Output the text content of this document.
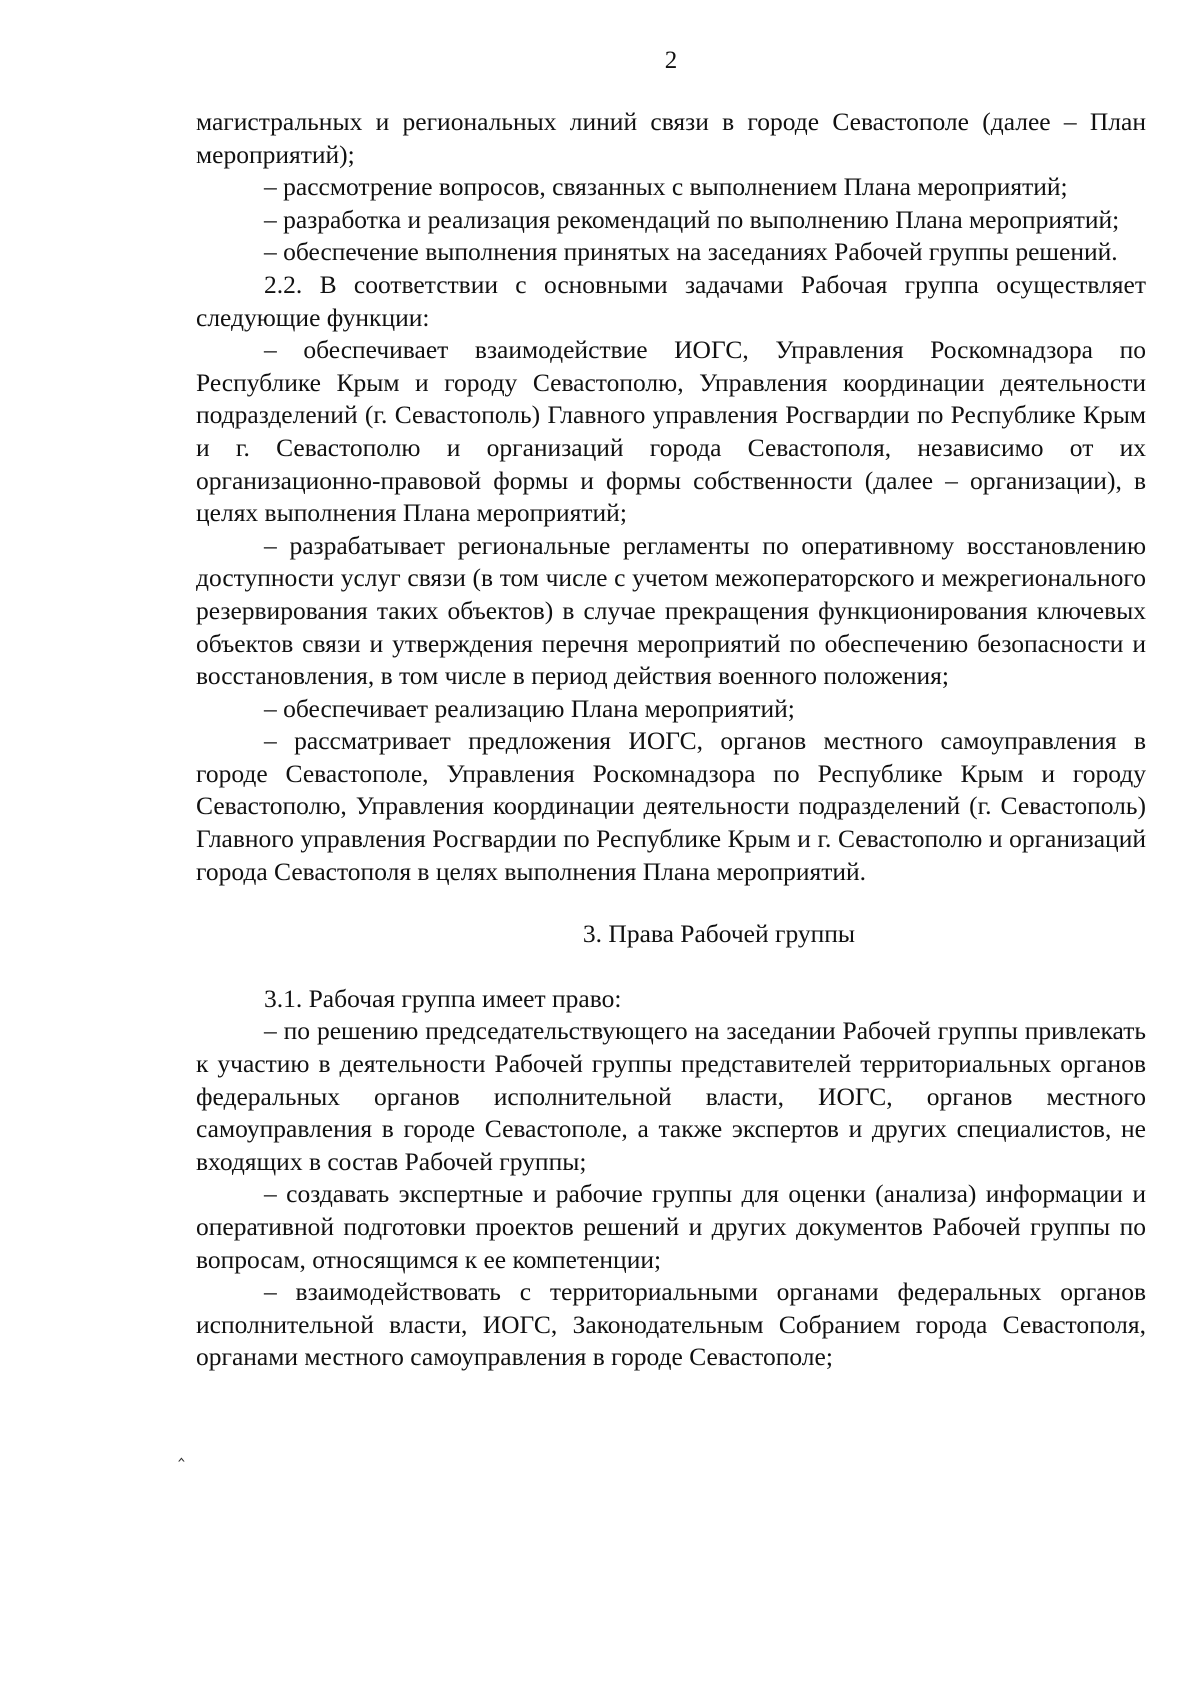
2

магистральных и региональных линий связи в городе Севастополе (далее – План мероприятий);

– рассмотрение вопросов, связанных с выполнением Плана мероприятий;

– разработка и реализация рекомендаций по выполнению Плана мероприятий;

– обеспечение выполнения принятых на заседаниях Рабочей группы решений.

2.2. В соответствии с основными задачами Рабочая группа осуществляет следующие функции:

– обеспечивает взаимодействие ИОГС, Управления Роскомнадзора по Республике Крым и городу Севастополю, Управления координации деятельности подразделений (г. Севастополь) Главного управления Росгвардии по Республике Крым и г. Севастополю и организаций города Севастополя, независимо от их организационно-правовой формы и формы собственности (далее – организации), в целях выполнения Плана мероприятий;

– разрабатывает региональные регламенты по оперативному восстановлению доступности услуг связи (в том числе с учетом межоператорского и межрегионального резервирования таких объектов) в случае прекращения функционирования ключевых объектов связи и утверждения перечня мероприятий по обеспечению безопасности и восстановления, в том числе в период действия военного положения;

– обеспечивает реализацию Плана мероприятий;

– рассматривает предложения ИОГС, органов местного самоуправления в городе Севастополе, Управления Роскомнадзора по Республике Крым и городу Севастополю, Управления координации деятельности подразделений (г. Севастополь) Главного управления Росгвардии по Республике Крым и г. Севастополю и организаций города Севастополя в целях выполнения Плана мероприятий.

3. Права Рабочей группы

3.1. Рабочая группа имеет право:

– по решению председательствующего на заседании Рабочей группы привлекать к участию в деятельности Рабочей группы представителей территориальных органов федеральных органов исполнительной власти, ИОГС, органов местного самоуправления в городе Севастополе, а также экспертов и других специалистов, не входящих в состав Рабочей группы;

– создавать экспертные и рабочие группы для оценки (анализа) информации и оперативной подготовки проектов решений и других документов Рабочей группы по вопросам, относящимся к ее компетенции;

– взаимодействовать с территориальными органами федеральных органов исполнительной власти, ИОГС, Законодательным Собранием города Севастополя, органами местного самоуправления в городе Севастополе;

‸
